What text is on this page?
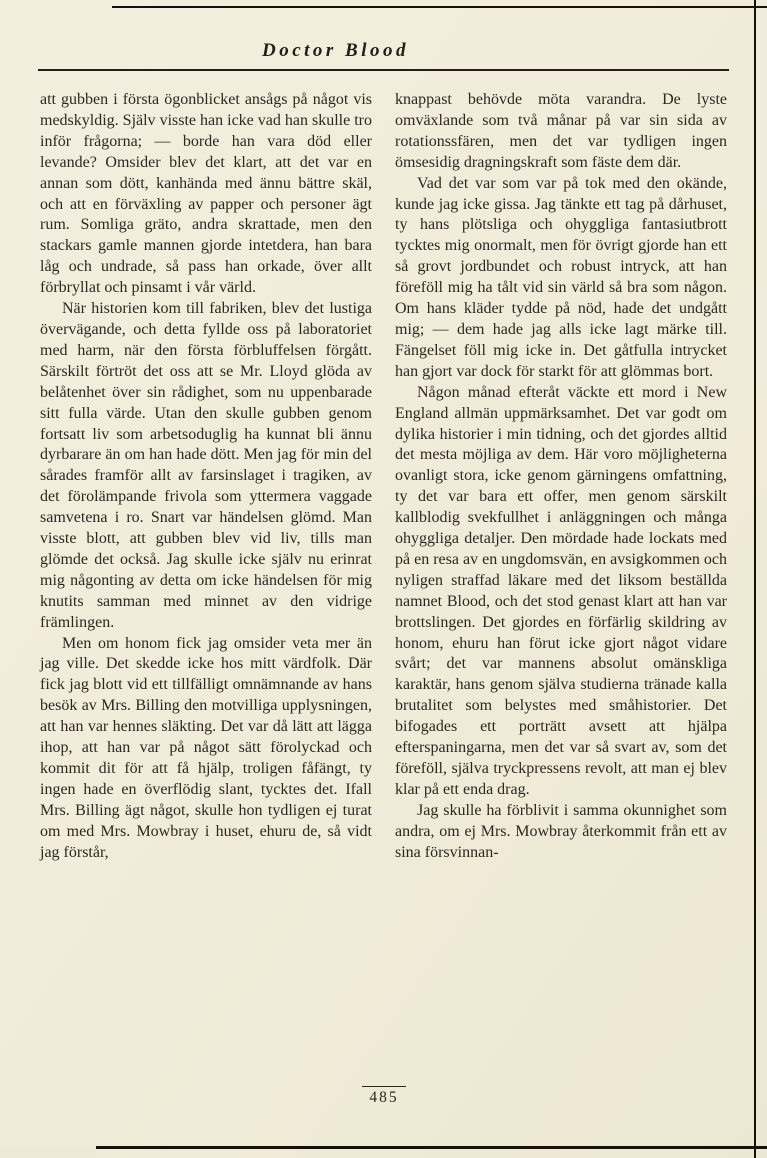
Doctor Blood

att gubben i första ögonblicket ansågs på något vis medskyldig. Själv visste han icke vad han skulle tro inför frågorna; — borde han vara död eller levande? Omsider blev det klart, att det var en annan som dött, kanhända med ännu bättre skäl, och att en förväxling av papper och personer ägt rum. Somliga gräto, andra skrattade, men den stackars gamle mannen gjorde intetdera, han bara låg och undrade, så pass han orkade, över allt förbryllat och pinsamt i vår värld.

När historien kom till fabriken, blev det lustiga övervägande, och detta fyllde oss på laboratoriet med harm, när den första förbluffelsen förgått. Särskilt förtröt det oss att se Mr. Lloyd glöda av belåtenhet över sin rådighet, som nu uppenbarade sitt fulla värde. Utan den skulle gubben genom fortsatt liv som arbetsoduglig ha kunnat bli ännu dyrbarare än om han hade dött. Men jag för min del sårades framför allt av farsinslaget i tragiken, av det förolämpande frivola som yttermera vaggade samvetena i ro. Snart var händelsen glömd. Man visste blott, att gubben blev vid liv, tills man glömde det också. Jag skulle icke själv nu erinrat mig någonting av detta om icke händelsen för mig knutits samman med minnet av den vidrige främlingen.

Men om honom fick jag omsider veta mer än jag ville. Det skedde icke hos mitt värdfolk. Där fick jag blott vid ett tillfälligt omnämnande av hans besök av Mrs. Billing den motvilliga upplysningen, att han var hennes släkting. Det var då lätt att lägga ihop, att han var på något sätt förolyckad och kommit dit för att få hjälp, troligen fåfängt, ty ingen hade en överflödig slant, tycktes det. Ifall Mrs. Billing ägt något, skulle hon tydligen ej turat om med Mrs. Mowbray i huset, ehuru de, så vidt jag förstår,

knappast behövde möta varandra. De lyste omväxlande som två månar på var sin sida av rotationssfären, men det var tydligen ingen ömsesidig dragningskraft som fäste dem där.

Vad det var som var på tok med den okände, kunde jag icke gissa. Jag tänkte ett tag på dårhuset, ty hans plötsliga och ohyggliga fantasiutbrott tycktes mig onormalt, men för övrigt gjorde han ett så grovt jordbundet och robust intryck, att han föreföll mig ha tålt vid sin värld så bra som någon. Om hans kläder tydde på nöd, hade det undgått mig; — dem hade jag alls icke lagt märke till. Fängelset föll mig icke in. Det gåtfulla intrycket han gjort var dock för starkt för att glömmas bort.

Någon månad efteråt väckte ett mord i New England allmän uppmärksamhet. Det var godt om dylika historier i min tidning, och det gjordes alltid det mesta möjliga av dem. Här voro möjligheterna ovanligt stora, icke genom gärningens omfattning, ty det var bara ett offer, men genom särskilt kallblodig svekfullhet i anläggningen och många ohyggliga detaljer. Den mördade hade lockats med på en resa av en ungdomsvän, en avsigkommen och nyligen straffad läkare med det liksom beställda namnet Blood, och det stod genast klart att han var brottslingen. Det gjordes en förfärlig skildring av honom, ehuru han förut icke gjort något vidare svårt; det var mannens absolut omänskliga karaktär, hans genom själva studierna tränade kalla brutalitet som belystes med småhistorier. Det bifogades ett porträtt avsett att hjälpa efterspaningarna, men det var så svart av, som det föreföll, själva tryckpressens revolt, att man ej blev klar på ett enda drag.

Jag skulle ha förblivit i samma okunnighet som andra, om ej Mrs. Mowbray återkommit från ett av sina försvinnan-

485
